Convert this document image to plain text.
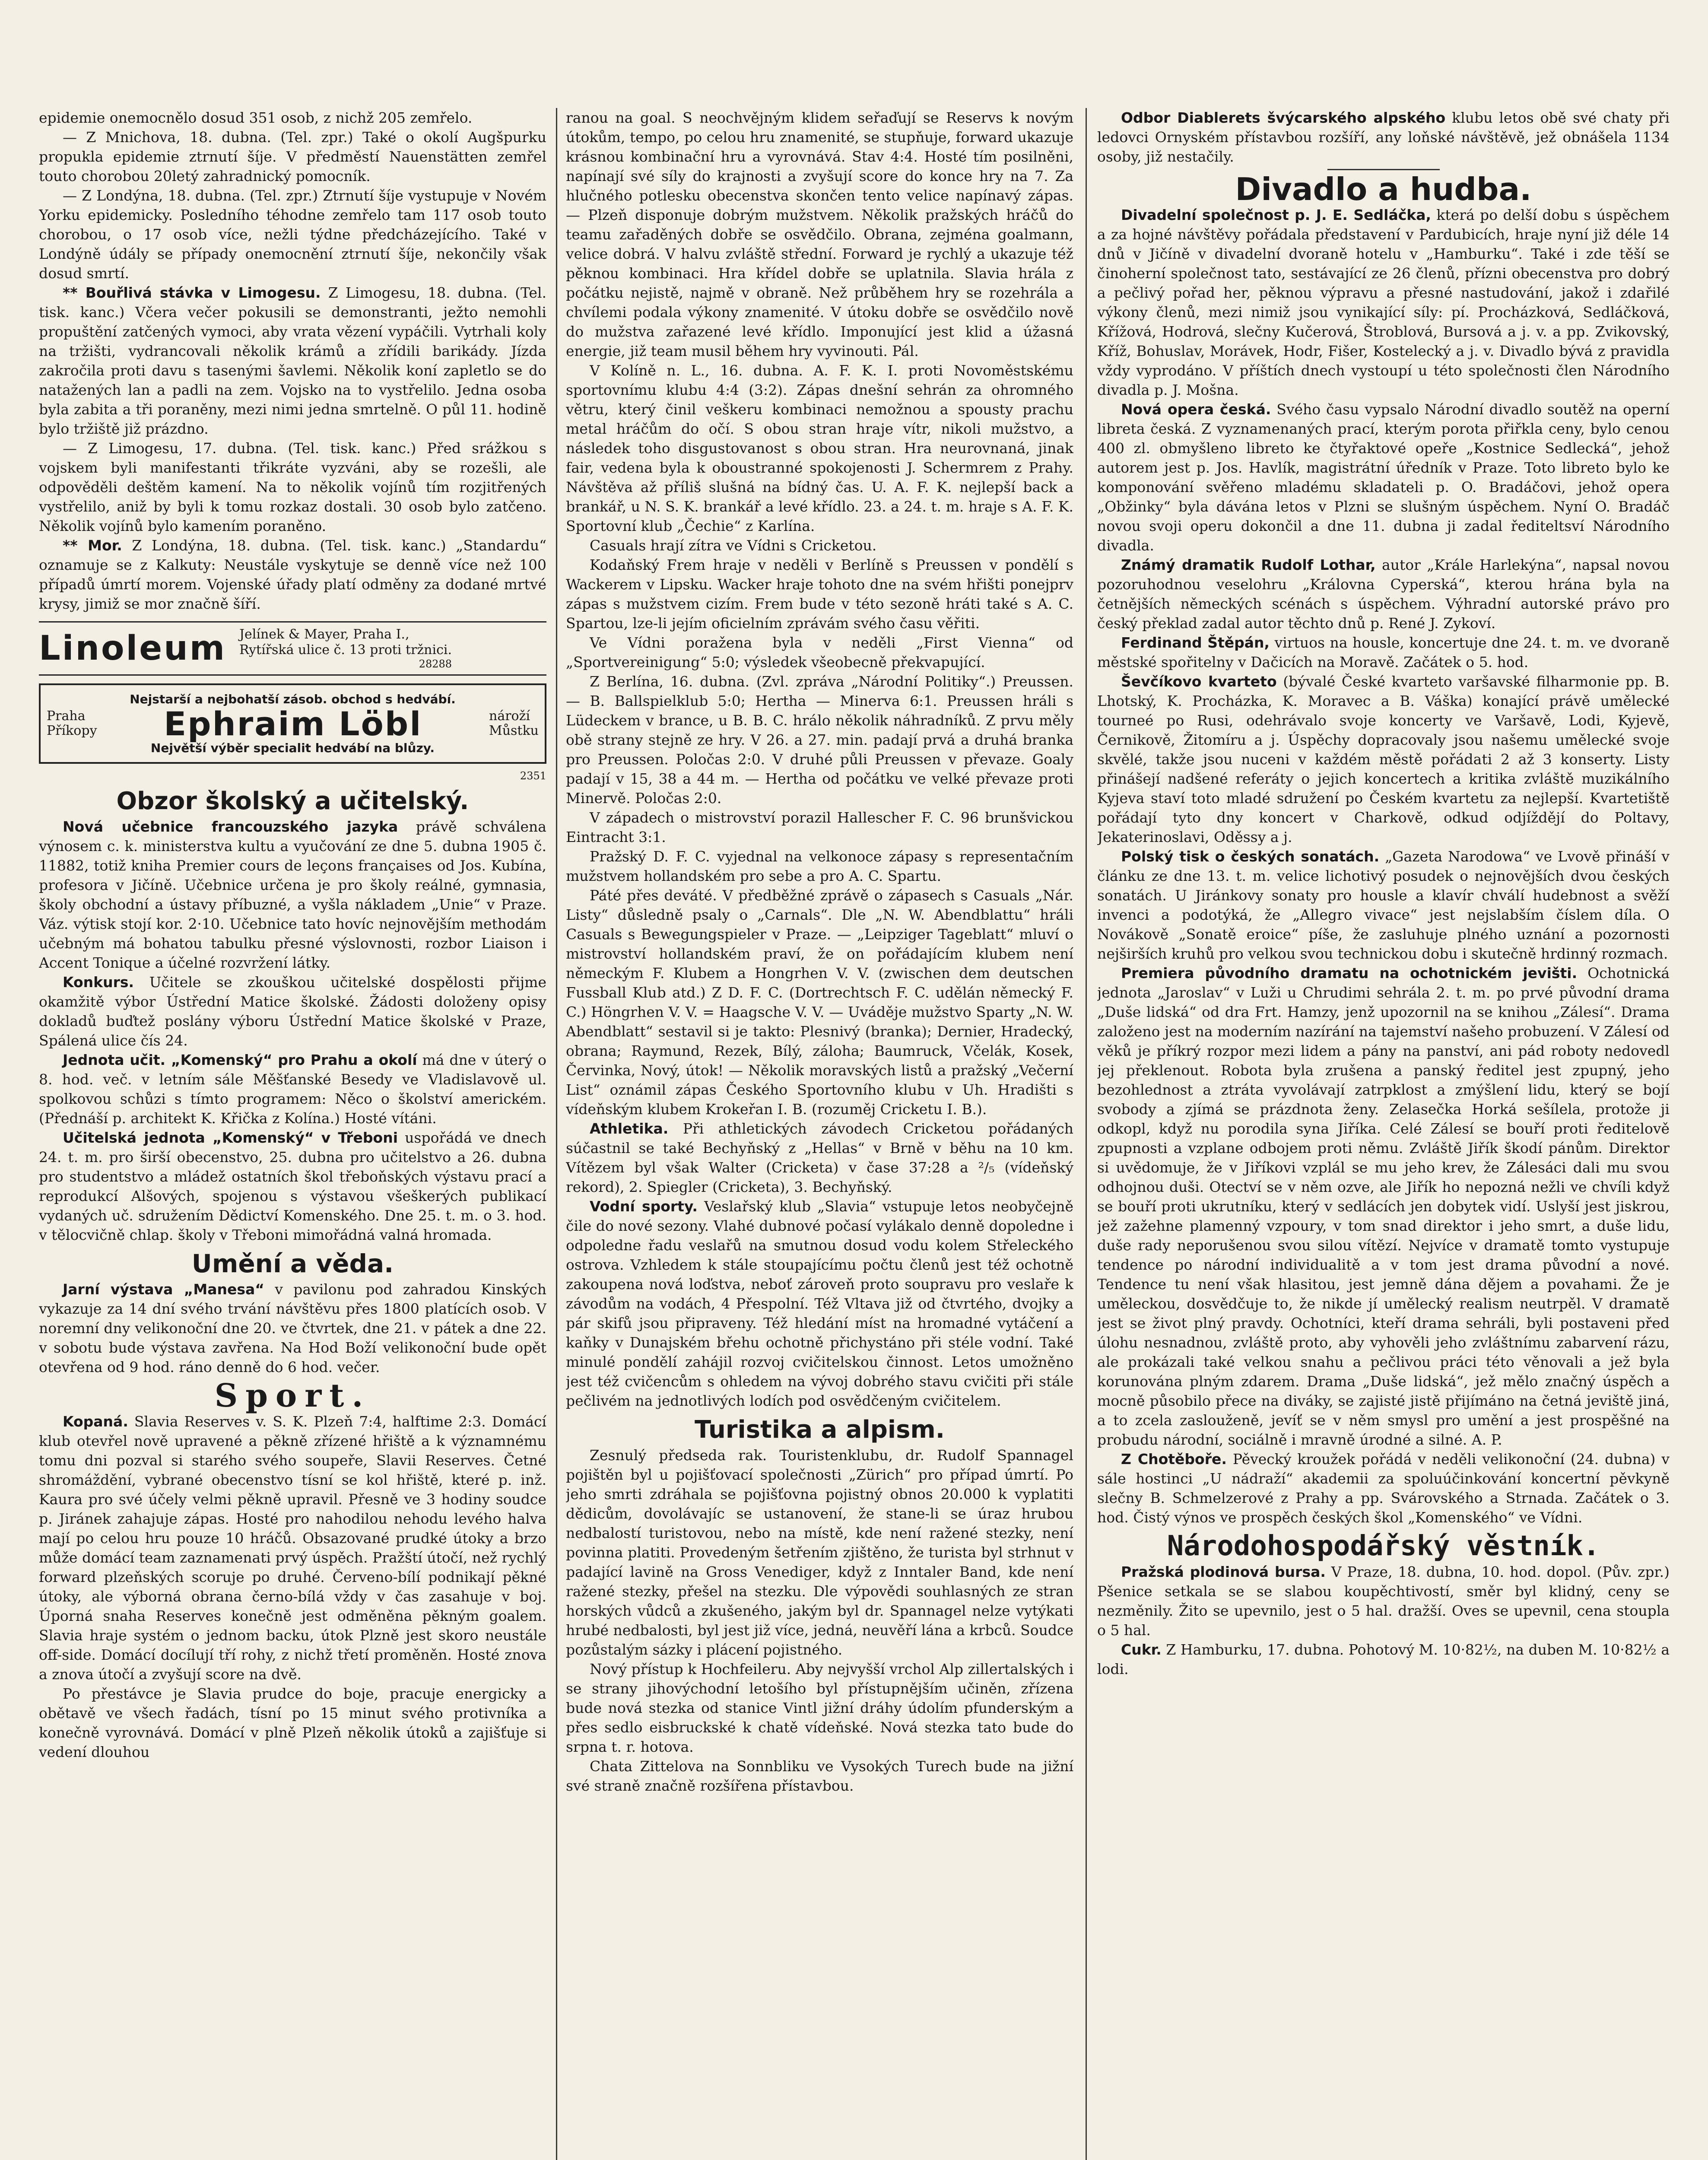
epidemie onemocnělo dosud 351 osob, z nichž 205 zemřelo.

— Z Mnichova, 18. dubna. (Tel. zpr.) Také o okolí Augšpurku propukla epidemie ztrnutí šíje. V předměstí Nauenstätten zemřel touto chorobou 20letý zahradnický pomocník.

— Z Londýna, 18. dubna. (Tel. zpr.) Ztrnutí šíje vystupuje v Novém Yorku epidemicky. Posledního téhodne zemřelo tam 117 osob touto chorobou, o 17 osob více, nežli týdne předcházejícího. Také v Londýně údály se případy onemocnění ztrnutí šíje, nekončily však dosud smrtí.

** Bouřlivá stávka v Limogesu. Z Limogesu, 18. dubna. (Tel. tisk. kanc.) Včera večer pokusili se demonstranti, ježto nemohli propuštění zatčených vymoci, aby vrata vězení vypáčili. Vytrhali koly na tržišti, vydrancovali několik krámů a zřídili barikády. Jízda zakročila proti davu s tasenými šavlemi. Několik koní zapletlo se do natažených lan a padli na zem. Vojsko na to vystřelilo. Jedna osoba byla zabita a tři poraněny, mezi nimi jedna smrtelně. O půl 11. hodině bylo tržiště již prázdno.

— Z Limogesu, 17. dubna. (Tel. tisk. kanc.) Před srážkou s vojskem byli manifestanti třikráte vyzváni, aby se rozešli, ale odpověděli deštěm kamení. Na to několik vojínů tím rozjitřených vystřelilo, aniž by byli k tomu rozkaz dostali. 30 osob bylo zatčeno. Několik vojínů bylo kamením poraněno.

** Mor. Z Londýna, 18. dubna. (Tel. tisk. kanc.) „Standardu“ oznamuje se z Kalkuty: Neustále vyskytuje se denně více než 100 případů úmrtí morem. Vojenské úřady platí odměny za dodané mrtvé krysy, jimiž se mor značně šíří.

Linoleum Jelínek & Mayer, Praha I.,
Rytířská ulice č. 13 proti tržnici.
28288
Nejstarší a nejbohatší zásob. obchod s hedvábí.
Praha
Příkopy Ephraim Löbl	nároží
Můstku
Největší výběr specialit hedvábí na blůzy.
2351
Obzor školský a učitelský.

Nová učebnice francouzského jazyka právě schválena výnosem c. k. ministerstva kultu a vyučování ze dne 5. dubna 1905 č. 11882, totiž kniha Premier cours de leçons françaises od Jos. Kubína, profesora v Jičíně. Učebnice určena je pro školy reálné, gymnasia, školy obchodní a ústavy příbuzné, a vyšla nákladem „Unie“ v Praze. Váz. výtisk stojí kor. 2·10. Učebnice tato hovíc nejnovějším methodám učebným má bohatou tabulku přesné výslovnosti, rozbor Liaison i Accent Tonique a účelné rozvržení látky.

Konkurs. Učitele se zkouškou učitelské dospělosti přijme okamžitě výbor Ústřední Matice školské. Žádosti doloženy opisy dokladů buďtež poslány výboru Ústřední Matice školské v Praze, Spálená ulice čís 24.

Jednota učit. „Komenský“ pro Prahu a okolí má dne v úterý o 8. hod. več. v letním sále Měšťanské Besedy ve Vladislavově ul. spolkovou schůzi s tímto programem: Něco o školství americkém. (Přednáší p. architekt K. Křička z Kolína.) Hosté vítáni.

Učitelská jednota „Komenský“ v Třeboni uspořádá ve dnech 24. t. m. pro širší obecenstvo, 25. dubna pro učitelstvo a 26. dubna pro studentstvo a mládež ostatních škol třeboňských výstavu prací a reprodukcí Alšových, spojenou s výstavou všeškerých publikací vydaných uč. sdružením Dědictví Komenského. Dne 25. t. m. o 3. hod. v tělocvičně chlap. školy v Třeboni mimořádná valná hromada.

Umění a věda.

Jarní výstava „Manesa“ v pavilonu pod zahradou Kinských vykazuje za 14 dní svého trvání návštěvu přes 1800 platících osob. V noremní dny velikonoční dne 20. ve čtvrtek, dne 21. v pátek a dne 22. v sobotu bude výstava zavřena. Na Hod Boží velikonoční bude opět otevřena od 9 hod. ráno denně do 6 hod. večer.

Sport.

Kopaná. Slavia Reserves v. S. K. Plzeň 7:4, halftime 2:3. Domácí klub otevřel nově upravené a pěkně zřízené hřiště a k významnému tomu dni pozval si starého svého soupeře, Slavii Reserves. Četné shromáždění, vybrané obecenstvo tísní se kol hřiště, které p. inž. Kaura pro své účely velmi pěkně upravil. Přesně ve 3 hodiny soudce p. Jiránek zahajuje zápas. Hosté pro nahodilou nehodu levého halva mají po celou hru pouze 10 hráčů. Obsazované prudké útoky a brzo může domácí team zaznamenati prvý úspěch. Pražští útočí, než rychlý forward plzeňských scoruje po druhé. Červeno-bílí podnikají pěkné útoky, ale výborná obrana černo-bílá vždy v čas zasahuje v boj. Úporná snaha Reserves konečně jest odměněna pěkným goalem. Slavia hraje systém o jednom backu, útok Plzně jest skoro neustále off-side. Domácí docílují tří rohy, z nichž třetí proměněn. Hosté znova a znova útočí a zvyšují score na dvě.

Po přestávce je Slavia prudce do boje, pracuje energicky a obětavě ve všech řadách, tísní po 15 minut svého protivníka a konečně vyrovnává. Domácí v plně Plzeň několik útoků a zajišťuje si vedení dlouhou

ranou na goal. S neochvějným klidem seřaďují se Reservs k novým útokům, tempo, po celou hru znamenité, se stupňuje, forward ukazuje krásnou kombinační hru a vyrovnává. Stav 4:4. Hosté tím posilněni, napínají své síly do krajnosti a zvyšují score do konce hry na 7. Za hlučného potlesku obecenstva skončen tento velice napínavý zápas. — Plzeň disponuje dobrým mužstvem. Několik pražských hráčů do teamu zařaděných dobře se osvědčilo. Obrana, zejména goalmann, velice dobrá. V halvu zvláště střední. Forward je rychlý a ukazuje též pěknou kombinaci. Hra křídel dobře se uplatnila. Slavia hrála z počátku nejistě, najmě v obraně. Než průběhem hry se rozehrála a chvílemi podala výkony znamenité. V útoku dobře se osvědčilo nově do mužstva zařazené levé křídlo. Imponující jest klid a úžasná energie, již team musil během hry vyvinouti. Pál.

V Kolíně n. L., 16. dubna. A. F. K. I. proti Novoměstskému sportovnímu klubu 4:4 (3:2). Zápas dnešní sehrán za ohromného větru, který činil veškeru kombinaci nemožnou a spousty prachu metal hráčům do očí. S obou stran hraje vítr, nikoli mužstvo, a následek toho disgustovanost s obou stran. Hra neurovnaná, jinak fair, vedena byla k oboustranné spokojenosti J. Schermrem z Prahy. Návštěva až příliš slušná na bídný čas. U. A. F. K. nejlepší back a brankář, u N. S. K. brankář a levé křídlo. 23. a 24. t. m. hraje s A. F. K. Sportovní klub „Čechie“ z Karlína.

Casuals hrají zítra ve Vídni s Cricketou.

Kodaňský Frem hraje v neděli v Berlíně s Preussen v pondělí s Wackerem v Lipsku. Wacker hraje tohoto dne na svém hřišti ponejprv zápas s mužstvem cizím. Frem bude v této sezoně hráti také s A. C. Spartou, lze-li jejím oficielním zprávám svého času věřiti.

Ve Vídni poražena byla v neděli „First Vienna“ od „Sportvereinigung“ 5:0; výsledek všeobecně překvapující.

Z Berlína, 16. dubna. (Zvl. zpráva „Národní Politiky“.) Preussen. — B. Ballspielklub 5:0; Hertha — Minerva 6:1. Preussen hráli s Lüdeckem v brance, u B. B. C. hrálo několik náhradníků. Z prvu měly obě strany stejně ze hry. V 26. a 27. min. padají prvá a druhá branka pro Preussen. Poločas 2:0. V druhé půli Preussen v převaze. Goaly padají v 15, 38 a 44 m. — Hertha od počátku ve velké převaze proti Minervě. Poločas 2:0.

V západech o mistrovství porazil Hallescher F. C. 96 brunšvickou Eintracht 3:1.

Pražský D. F. C. vyjednal na velkonoce zápasy s representačním mužstvem hollandském pro sebe a pro A. C. Spartu.

Páté přes deváté. V předběžné zprávě o zápasech s Casuals „Nár. Listy“ důsledně psaly o „Carnals“. Dle „N. W. Abendblattu“ hráli Casuals s Bewegungspieler v Praze. — „Leipziger Tageblatt“ mluví o mistrovství hollandském praví, že on pořádajícím klubem není německým F. Klubem a Hongrhen V. V. (zwischen dem deutschen Fussball Klub atd.) Z D. F. C. (Dortrechtsch F. C. udělán německý F. C.) Höngrhen V. V. = Haagsche V. V. — Uváděje mužstvo Sparty „N. W. Abendblatt“ sestavil si je takto: Plesnivý (branka); Dernier, Hradecký, obrana; Raymund, Rezek, Bílý, záloha; Baumruck, Včelák, Kosek, Červinka, Nový, útok! — Několik moravských listů a pražský „Večerní List“ oznámil zápas Českého Sportovního klubu v Uh. Hradišti s vídeňským klubem Krokeřan I. B. (rozuměj Cricketu I. B.).

Athletika. Při athletických závodech Cricketou pořádaných súčastnil se také Bechyňský z „Hellas“ v Brně v běhu na 10 km. Vítězem byl však Walter (Cricketa) v čase 37:28 a ²/₅ (vídeňský rekord), 2. Spiegler (Cricketa), 3. Bechyňský.

Vodní sporty. Veslařský klub „Slavia“ vstupuje letos neobyčejně čile do nové sezony. Vlahé dubnové počasí vylákalo denně dopoledne i odpoledne řadu veslařů na smutnou dosud vodu kolem Střeleckého ostrova. Vzhledem k stále stoupajícímu počtu členů jest též ochotně zakoupena nová loďstva, neboť zároveň proto soupravu pro veslaře k závodům na vodách, 4 Přespolní. Též Vltava již od čtvrtého, dvojky a pár skifů jsou připraveny. Též hledání míst na hromadné vytáčení a kaňky v Dunajském břehu ochotně přichystáno při stéle vodní. Také minulé pondělí zahájil rozvoj cvičitelskou činnost. Letos umožněno jest též cvičencům s ohledem na vývoj dobrého stavu cvičiti při stále pečlivém na jednotlivých lodích pod osvědčeným cvičitelem.

Turistika a alpism.

Zesnulý předseda rak. Touristenklubu, dr. Rudolf Spannagel pojištěn byl u pojišťovací společnosti „Zürich“ pro případ úmrtí. Po jeho smrti zdráhala se pojišťovna pojistný obnos 20.000 k vyplatiti dědicům, dovolávajíc se ustanovení, že stane-li se úraz hrubou nedbalostí turistovou, nebo na místě, kde není ražené stezky, není povinna platiti. Provedeným šetřením zjištěno, že turista byl strhnut v padající lavině na Gross Venediger, když z Inntaler Band, kde není ražené stezky, přešel na stezku. Dle výpovědi souhlasných ze stran horských vůdců a zkušeného, jakým byl dr. Spannagel nelze vytýkati hrubé nedbalosti, byl jest již více, jedná, neuvěří lána a krbců. Soudce pozůstalým sázky i plácení pojistného.

Nový přístup k Hochfeileru. Aby nejvyšší vrchol Alp zillertalských i se strany jihovýchodní letošího byl přístupnějším učiněn, zřízena bude nová stezka od stanice Vintl jižní dráhy údolím pfunderským a přes sedlo eisbruckské k chatě vídeňské. Nová stezka tato bude do srpna t. r. hotova.

Chata Zittelova na Sonnbliku ve Vysokých Turech bude na jižní své straně značně rozšířena přístavbou.

Odbor Diablerets švýcarského alpského klubu letos obě své chaty při ledovci Ornyském přístavbou rozšíří, any loňské návštěvě, jež obnášela 1134 osoby, již nestačily.

Divadlo a hudba.

Divadelní společnost p. J. E. Sedláčka, která po delší dobu s úspěchem a za hojné návštěvy pořádala představení v Pardubicích, hraje nyní již déle 14 dnů v Jičíně v divadelní dvoraně hotelu v „Hamburku“. Také i zde těší se činoherní společnost tato, sestávající ze 26 členů, přízni obecenstva pro dobrý a pečlivý pořad her, pěknou výpravu a přesné nastudování, jakož i zdařilé výkony členů, mezi nimiž jsou vynikající síly: pí. Procházková, Sedláčková, Křížová, Hodrová, slečny Kučerová, Štroblová, Bursová a j. v. a pp. Zvikovský, Kříž, Bohuslav, Morávek, Hodr, Fišer, Kostelecký a j. v. Divadlo bývá z pravidla vždy vyprodáno. V příštích dnech vystoupí u této společnosti člen Národního divadla p. J. Mošna.

Nová opera česká. Svého času vypsalo Národní divadlo soutěž na operní libreta česká. Z vyznamenaných prací, kterým porota přiřkla ceny, bylo cenou 400 zl. obmyšleno libreto ke čtyřaktové opeře „Kostnice Sedlecká“, jehož autorem jest p. Jos. Havlík, magistrátní úředník v Praze. Toto libreto bylo ke komponování svěřeno mladému skladateli p. O. Bradáčovi, jehož opera „Obžinky“ byla dávána letos v Plzni se slušným úspěchem. Nyní O. Bradáč novou svoji operu dokončil a dne 11. dubna ji zadal řediteltsví Národního divadla.

Známý dramatik Rudolf Lothar, autor „Krále Harlekýna“, napsal novou pozoruhodnou veselohru „Královna Cyperská“, kterou hrána byla na četnějších německých scénách s úspěchem. Výhradní autorské právo pro český překlad zadal autor těchto dnů p. René J. Zykoví.

Ferdinand Štěpán, virtuos na housle, koncertuje dne 24. t. m. ve dvoraně městské spořitelny v Dačicích na Moravě. Začátek o 5. hod.

Ševčíkovo kvarteto (bývalé České kvarteto varšavské filharmonie pp. B. Lhotský, K. Procházka, K. Moravec a B. Váška) konající právě umělecké tourneé po Rusi, odehrávalo svoje koncerty ve Varšavě, Lodi, Kyjevě, Černikově, Žitomíru a j. Úspěchy dopracovaly jsou našemu umělecké svoje skvělé, takže jsou nuceni v každém městě pořádati 2 až 3 konserty. Listy přinášejí nadšené referáty o jejich koncertech a kritika zvláště muzikálního Kyjeva staví toto mladé sdružení po Českém kvartetu za nejlepší. Kvartetiště pořádají tyto dny koncert v Charkově, odkud odjíždějí do Poltavy, Jekaterinoslavi, Oděssy a j.

Polský tisk o českých sonatách. „Gazeta Narodowa“ ve Lvově přináší v článku ze dne 13. t. m. velice lichotivý posudek o nejnovějších dvou českých sonatách. U Jiránkovy sonaty pro housle a klavír chválí hudebnost a svěží invenci a podotýká, že „Allegro vivace“ jest nejslabším číslem díla. O Novákově „Sonatě eroice“ píše, že zasluhuje plného uznání a pozornosti nejširších kruhů pro velkou svou technickou dobu i skutečně hrdinný rozmach.

Premiera původního dramatu na ochotnickém jevišti. Ochotnická jednota „Jaroslav“ v Luži u Chrudimi sehrála 2. t. m. po prvé původní drama „Duše lidská“ od dra Frt. Hamzy, jenž upozornil na se knihou „Zálesí“. Drama založeno jest na moderním nazírání na tajemství našeho probuzení. V Zálesí od věků je příkrý rozpor mezi lidem a pány na panství, ani pád roboty nedovedl jej překlenout. Robota byla zrušena a panský ředitel jest zpupný, jeho bezohlednost a ztráta vyvolávají zatrpklost a zmýšlení lidu, který se bojí svobody a zjímá se prázdnota ženy. Zelasečka Horká sešílela, protože ji odkopl, když nu porodila syna Jiříka. Celé Zálesí se bouří proti ředitelově zpupnosti a vzplane odbojem proti němu. Zvláště Jiřík škodí pánům. Direktor si uvědomuje, že v Jiříkovi vzplál se mu jeho krev, že Zálesáci dali mu svou odhojnou duši. Otectví se v něm ozve, ale Jiřík ho nepozná nežli ve chvíli když se bouří proti ukrutníku, který v sedlácích jen dobytek vidí. Uslyší jest jiskrou, jež zažehne plamenný vzpoury, v tom snad direktor i jeho smrt, a duše lidu, duše rady neporušenou svou silou vítězí. Nejvíce v dramatě tomto vystupuje tendence po národní individualitě a v tom jest drama původní a nové. Tendence tu není však hlasitou, jest jemně dána dějem a povahami. Že je uměleckou, dosvědčuje to, že nikde jí umělecký realism neutrpěl. V dramatě jest se život plný pravdy. Ochotníci, kteří drama sehráli, byli postaveni před úlohu nesnadnou, zvláště proto, aby vyhověli jeho zvláštnímu zabarvení rázu, ale prokázali také velkou snahu a pečlivou práci této věnovali a jež byla korunována plným zdarem. Drama „Duše lidská“, jež mělo značný úspěch a mocně působilo přece na diváky, se zajisté jistě přijímáno na četná jeviště jiná, a to zcela zaslouženě, jevíť se v něm smysl pro umění a jest prospěšné na probudu národní, sociálně i mravně úrodné a silné. A. P.

Z Chotěboře. Pěvecký kroužek pořádá v neděli velikonoční (24. dubna) v sále hostinci „U nádraží“ akademii za spoluúčinkování koncertní pěvkyně slečny B. Schmelzerové z Prahy a pp. Svárovského a Strnada. Začátek o 3. hod. Čistý výnos ve prospěch českých škol „Komenského“ ve Vídni.

Národohospodářský věstník.

Pražská plodinová bursa. V Praze, 18. dubna, 10. hod. dopol. (Pův. zpr.) Pšenice setkala se se slabou koupěchtivostí, směr byl klidný, ceny se nezměnily. Žito se upevnilo, jest o 5 hal. dražší. Oves se upevnil, cena stoupla o 5 hal.

Cukr. Z Hamburku, 17. dubna. Pohotový M. 10·82½, na duben M. 10·82½ a lodi.
